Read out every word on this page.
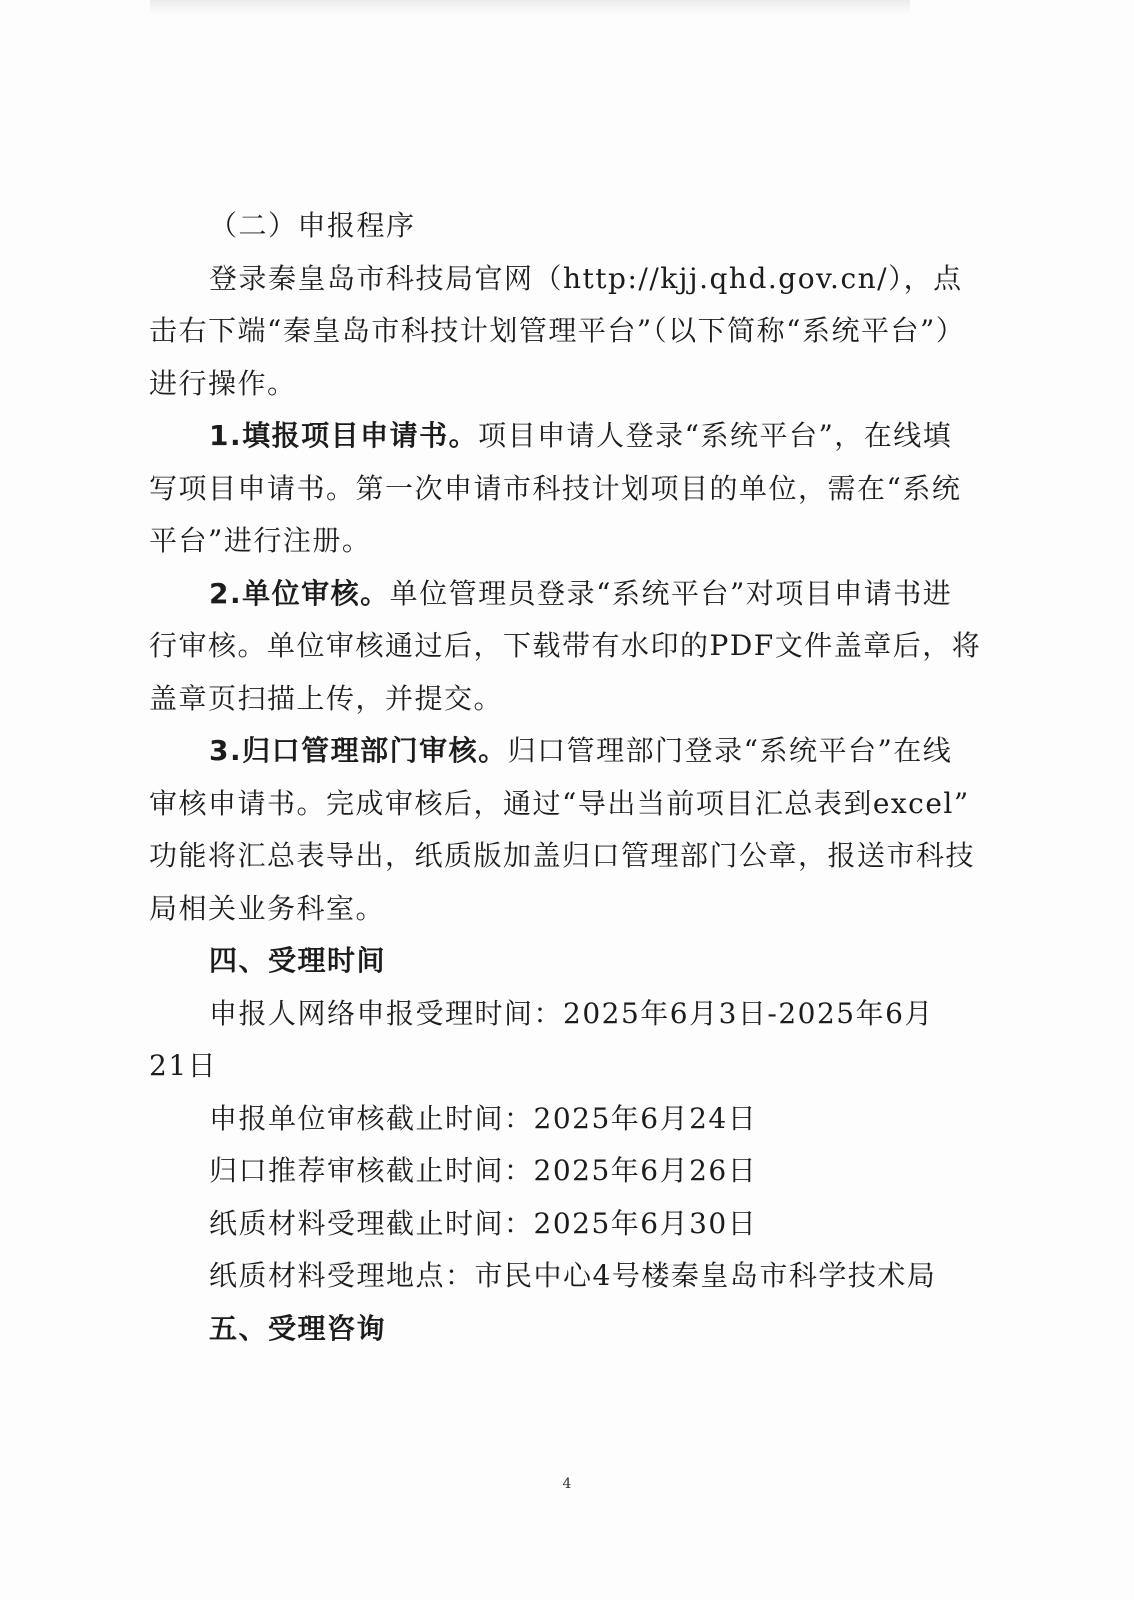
（二）申报程序
登录秦皇岛市科技局官网（http://kjj.qhd.gov.cn/），点
击右下端“秦皇岛市科技计划管理平台”（以下简称“系统平台”）
进行操作。
1.填报项目申请书。项目申请人登录“系统平台”，在线填
写项目申请书。第一次申请市科技计划项目的单位，需在“系统
平台”进行注册。
2.单位审核。单位管理员登录“系统平台”对项目申请书进
行审核。单位审核通过后，下载带有水印的PDF文件盖章后，将
盖章页扫描上传，并提交。
3.归口管理部门审核。归口管理部门登录“系统平台”在线
审核申请书。完成审核后，通过“导出当前项目汇总表到excel”
功能将汇总表导出，纸质版加盖归口管理部门公章，报送市科技
局相关业务科室。
四、受理时间
申报人网络申报受理时间：2025年6月3日-2025年6月
21日
申报单位审核截止时间：2025年6月24日
归口推荐审核截止时间：2025年6月26日
纸质材料受理截止时间：2025年6月30日
纸质材料受理地点：市民中心4号楼秦皇岛市科学技术局
五、受理咨询
4
